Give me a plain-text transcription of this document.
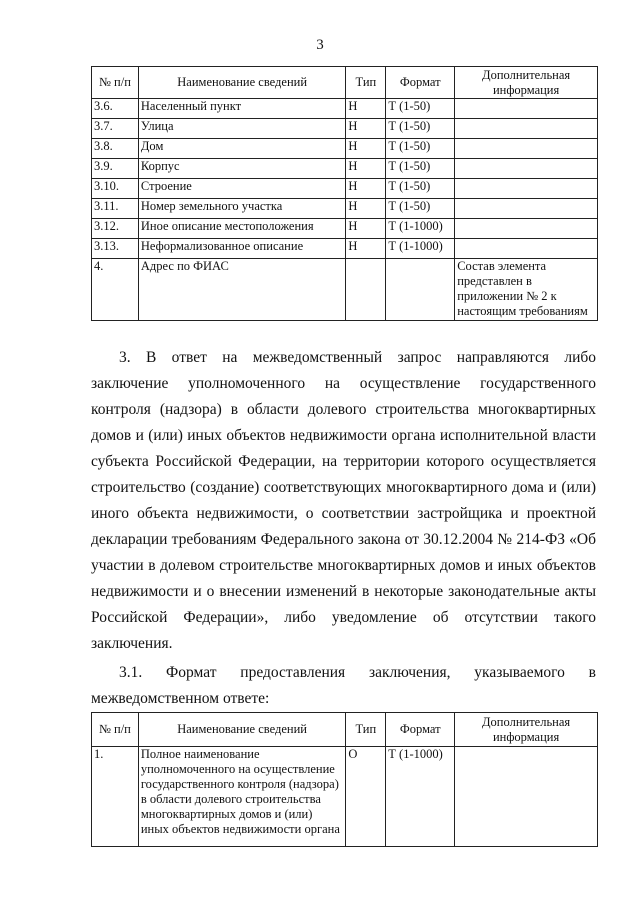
3
№ п/п	Наименование сведений	Тип	Формат	Дополнительная информация
3.6.	Населенный пункт	Н	Т (1-50)	
3.7.	Улица	Н	Т (1-50)	
3.8.	Дом	Н	Т (1-50)	
3.9.	Корпус	Н	Т (1-50)	
3.10.	Строение	Н	Т (1-50)	
3.11.	Номер земельного участка	Н	Т (1-50)	
3.12.	Иное описание местоположения	Н	Т (1-1000)	
3.13.	Неформализованное описание	Н	Т (1-1000)	
4.	Адрес по ФИАС			Состав элемента представлен в приложении № 2 к настоящим требованиям

3. В ответ на межведомственный запрос направляются либо заключение уполномоченного на осуществление государственного контроля (надзора) в области долевого строительства многоквартирных домов и (или) иных объектов недвижимости органа исполнительной власти субъекта Российской Федерации, на территории которого осуществляется строительство (создание) соответствующих многоквартирного дома и (или) иного объекта недвижимости, о соответствии застройщика и проектной декларации требованиям Федерального закона от 30.12.2004 № 214-ФЗ «Об участии в долевом строительстве многоквартирных домов и иных объектов недвижимости и о внесении изменений в некоторые законодательные акты Российской Федерации», либо уведомление об отсутствии такого заключения.

3.1. Формат предоставления заключения, указываемого в межведомственном ответе:

№ п/п	Наименование сведений	Тип	Формат	Дополнительная информация
1.	Полное наименование уполномоченного на осуществление государственного контроля (надзора) в области долевого строительства многоквартирных домов и (или) иных объектов недвижимости органа	О	Т (1-1000)	
